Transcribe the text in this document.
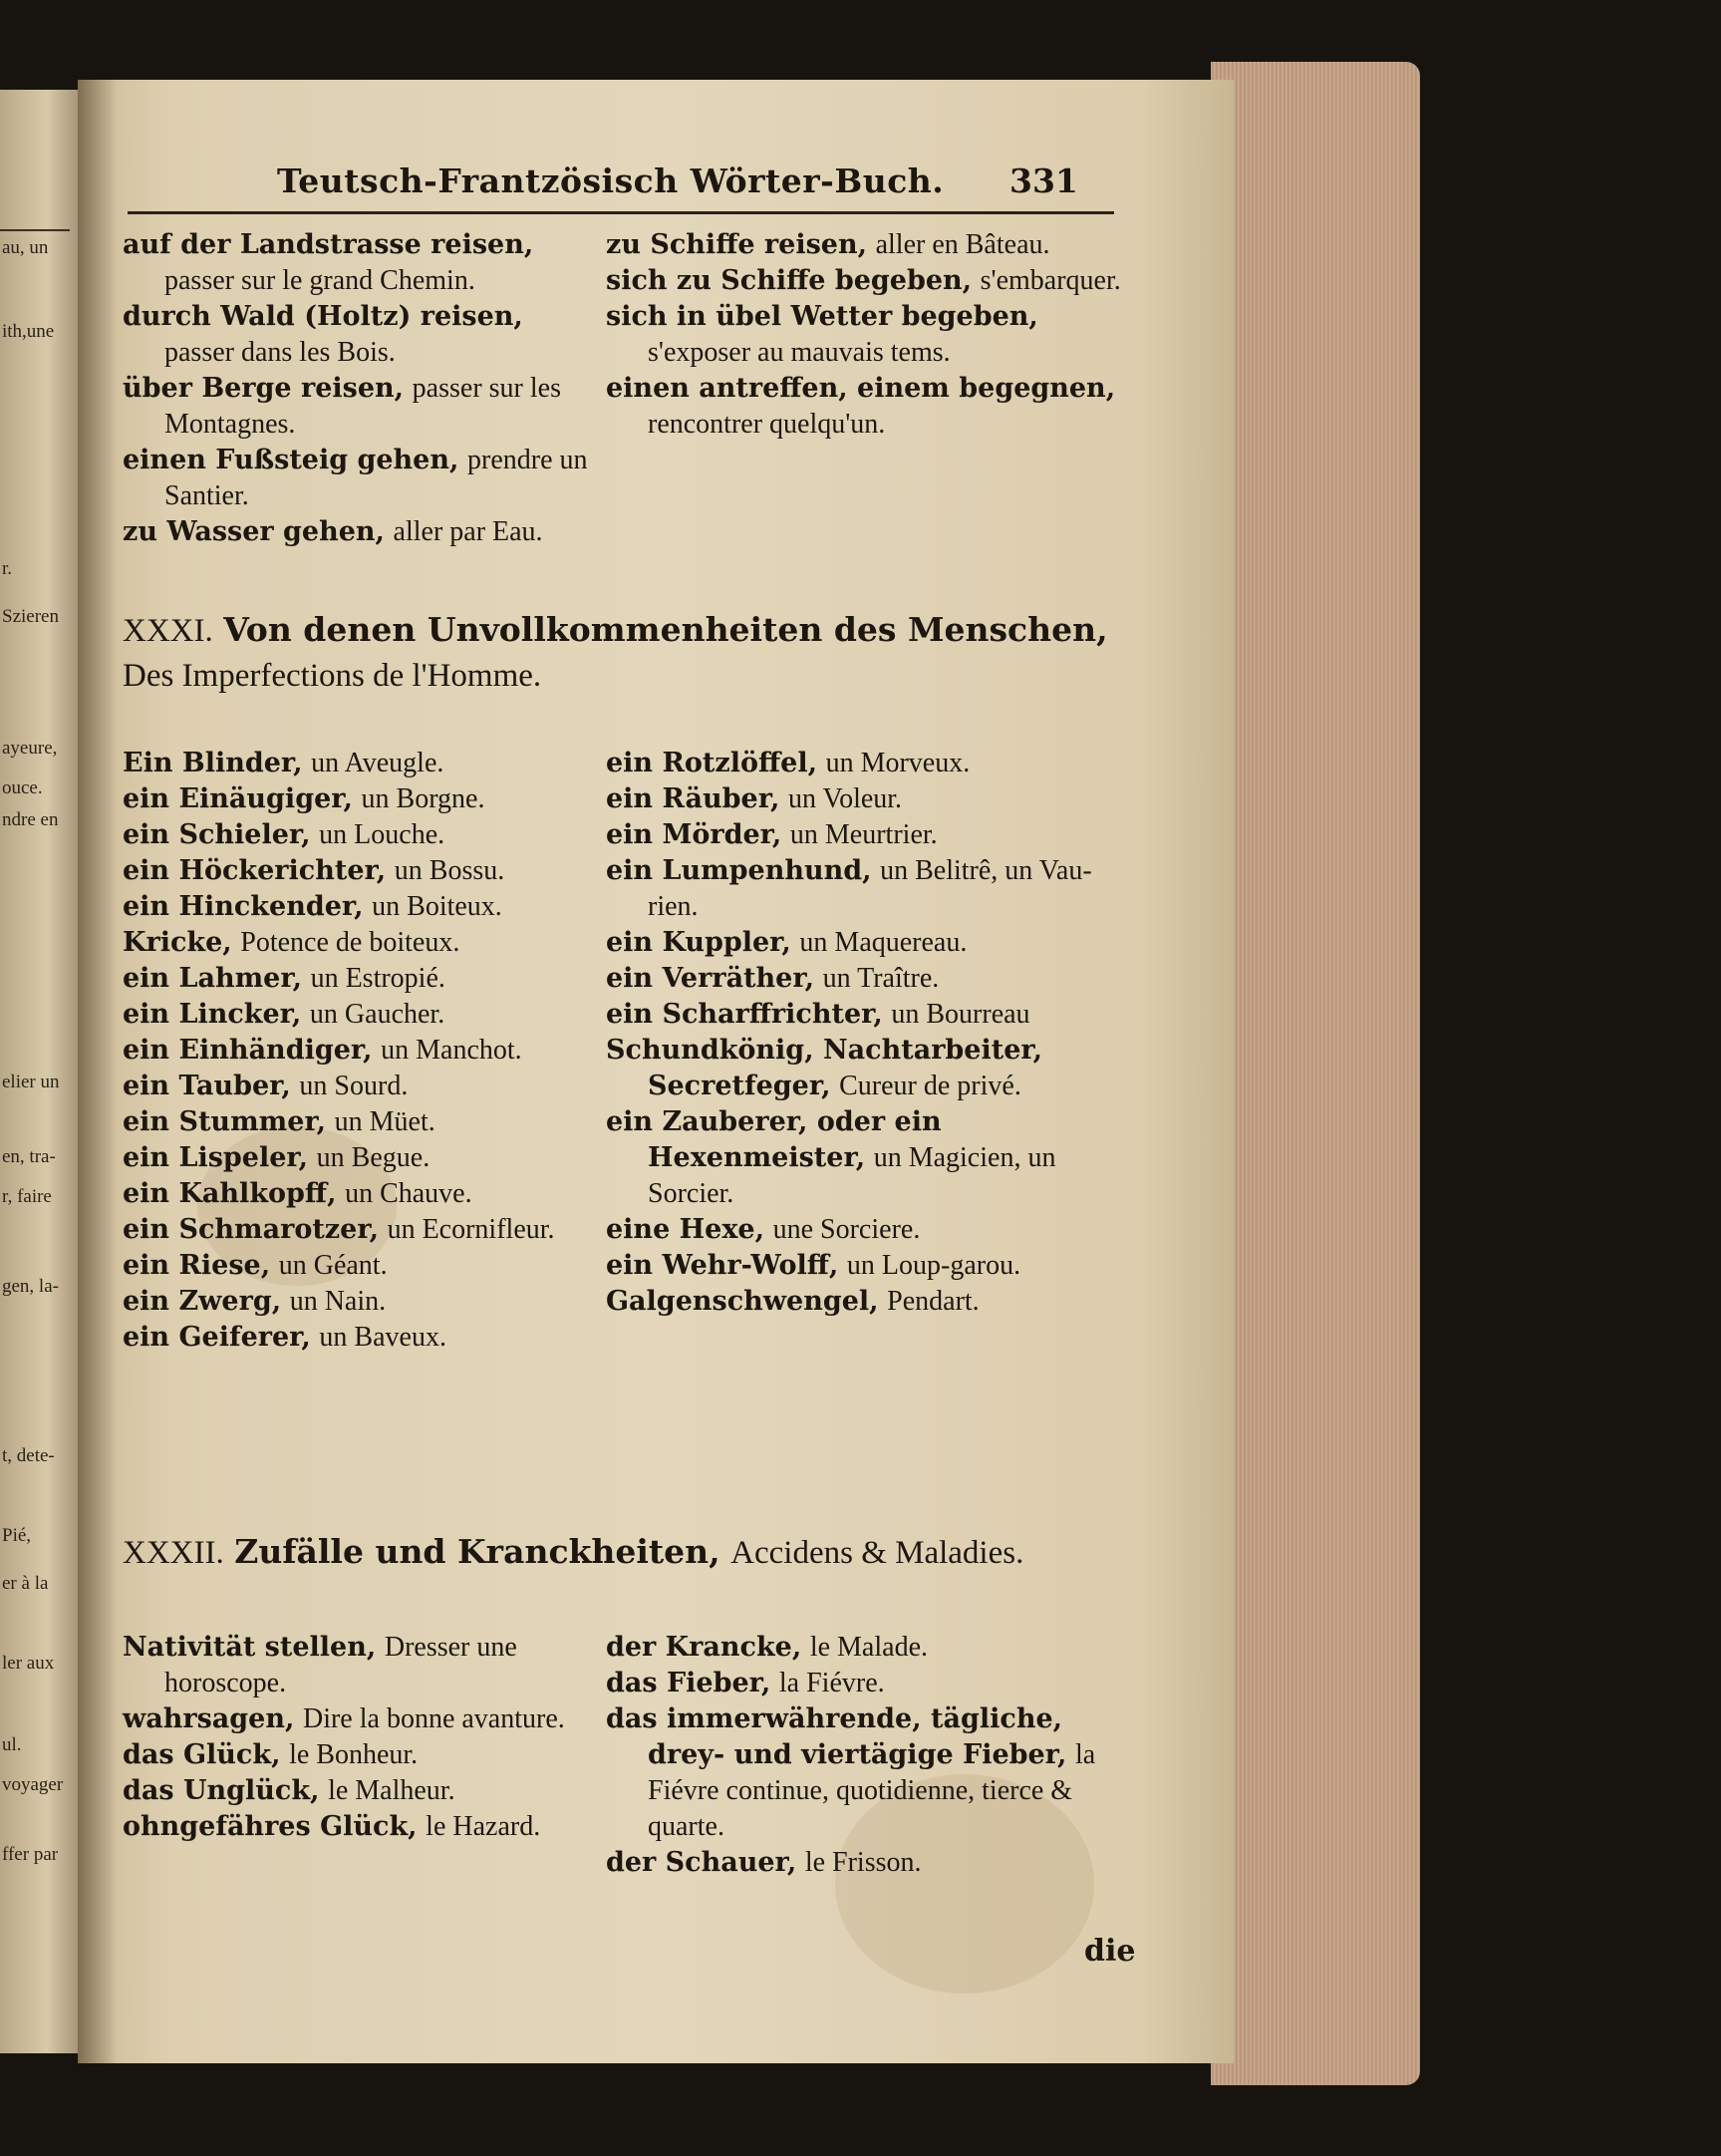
au, un
ith,une
r.
Szieren
ayeure,
ouce.
ndre en
elier un
en, tra-
r, faire
gen, la-
t, dete-
Pié,
er à la
ler aux
ul.
voyager
ffer par
Teutsch-Frantzösisch Wörter-Buch. 331
auf der Landstrasse reisen, passer sur le grand Chemin.
durch Wald (Holtz) reisen, passer dans les Bois.
über Berge reisen, passer sur les Montagnes.
einen Fußsteig gehen, prendre un Santier.
zu Wasser gehen, aller par Eau.
zu Schiffe reisen, aller en Bâteau.
sich zu Schiffe begeben, s'embarquer.
sich in übel Wetter begeben, s'exposer au mauvais tems.
einen antreffen, einem begegnen, rencontrer quelqu'un.
XXXI. Von denen Unvollkommenheiten des Menschen, Des Imperfections de l'Homme.
Ein Blinder, un Aveugle.
ein Einäugiger, un Borgne.
ein Schieler, un Louche.
ein Höckerichter, un Bossu.
ein Hinckender, un Boiteux.
Kricke, Potence de boiteux.
ein Lahmer, un Estropié.
ein Lincker, un Gaucher.
ein Einhändiger, un Manchot.
ein Tauber, un Sourd.
ein Stummer, un Müet.
ein Lispeler, un Begue.
ein Kahlkopff, un Chauve.
ein Schmarotzer, un Ecornifleur.
ein Riese, un Géant.
ein Zwerg, un Nain.
ein Geiferer, un Baveux.
ein Rotzlöffel, un Morveux.
ein Räuber, un Voleur.
ein Mörder, un Meurtrier.
ein Lumpenhund, un Belitrê, un Vau-rien.
ein Kuppler, un Maquereau.
ein Verräther, un Traître.
ein Scharffrichter, un Bourreau
Schundkönig, Nachtarbeiter, Secretfeger, Cureur de privé.
ein Zauberer, oder ein Hexenmeister, un Magicien, un Sorcier.
eine Hexe, une Sorciere.
ein Wehr-Wolff, un Loup-garou.
Galgenschwengel, Pendart.
XXXII. Zufälle und Kranckheiten, Accidens & Maladies.
Nativität stellen, Dresser une horoscope.
wahrsagen, Dire la bonne avanture.
das Glück, le Bonheur.
das Unglück, le Malheur.
ohngefähres Glück, le Hazard.
der Krancke, le Malade.
das Fieber, la Fiévre.
das immerwährende, tägliche, drey- und viertägige Fieber, la Fiévre continue, quotidienne, tierce & quarte.
der Schauer, le Frisson.
die
